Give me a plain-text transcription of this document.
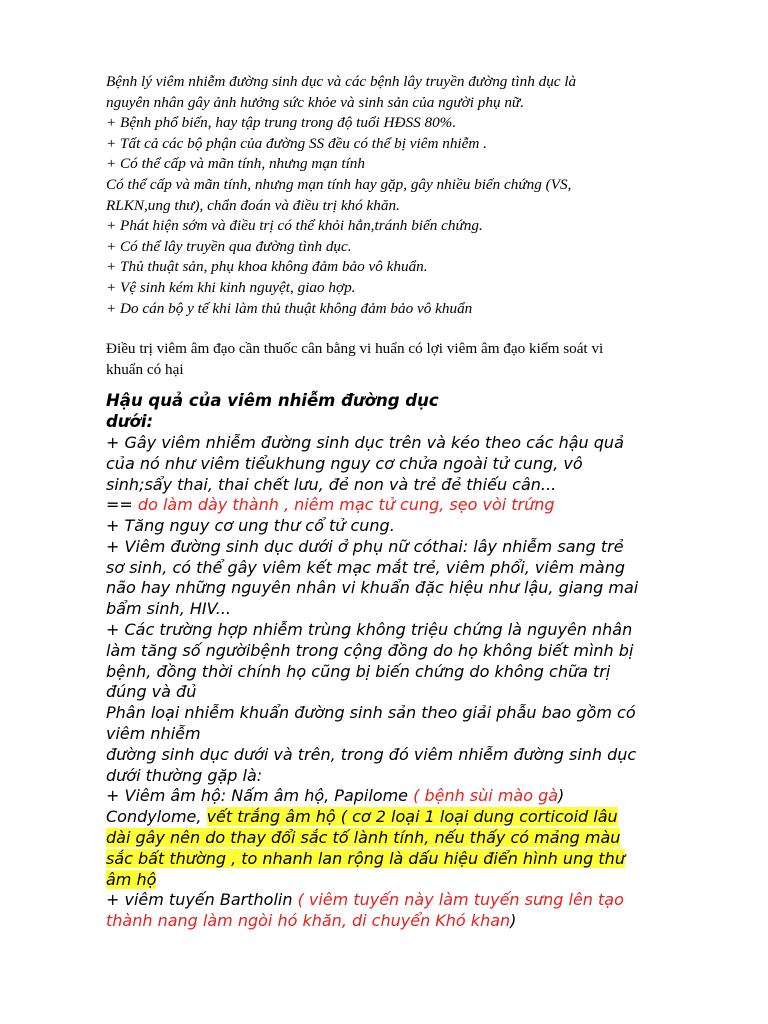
Bệnh lý viêm nhiễm đường sinh dục và các bệnh lây truyền đường tình dục là
nguyên nhân gây ảnh hưởng sức khỏe và sinh sản của người phụ nữ.
+ Bệnh phổ biến, hay tập trung trong độ tuổi HĐSS 80%.
+ Tất cả các bộ phận của đường SS đều có thể bị viêm nhiễm .
+ Có thể cấp và mãn tính, nhưng mạn tính
Có thể cấp và mãn tính, nhưng mạn tính hay gặp, gây nhiều biến chứng (VS,
RLKN,ung thư), chẩn đoán và điều trị khó khăn.
+ Phát hiện sớm và điều trị có thể khỏi hẳn,tránh biến chứng.
+ Có thể lây truyền qua đường tình dục.
+ Thủ thuật sản, phụ khoa không đảm bảo vô khuẩn.
+ Vệ sinh kém khi kinh nguyệt, giao hợp.
+ Do cán bộ y tế khi làm thủ thuật không đảm bảo vô khuẩn
Điều trị viêm âm đạo cần thuốc cân bằng vi huẩn có lợi viêm âm đạo kiểm soát vi
khuẩn có hại
Hậu quả của viêm nhiễm đường dục
dưới:
+ Gây viêm nhiễm đường sinh dục trên và kéo theo các hậu quả
của nó như viêm tiểukhung nguy cơ chửa ngoài tử cung, vô
sinh;sẩy thai, thai chết lưu, đẻ non và trẻ đẻ thiếu cân...
== do làm dày thành , niêm mạc tử cung, sẹo vòi trứng
+ Tăng nguy cơ ung thư cổ tử cung.
+ Viêm đường sinh dục dưới ở phụ nữ cóthai: lây nhiễm sang trẻ
sơ sinh, có thể gây viêm kết mạc mắt trẻ, viêm phổi, viêm màng
não hay những nguyên nhân vi khuẩn đặc hiệu như lậu, giang mai
bẩm sinh, HIV...
+ Các trường hợp nhiễm trùng không triệu chứng là nguyên nhân
làm tăng số ngườibệnh trong cộng đồng do họ không biết mình bị
bệnh, đồng thời chính họ cũng bị biến chứng do không chữa trị
đúng và đủ
Phân loại nhiễm khuẩn đường sinh sản theo giải phẫu bao gồm có
viêm nhiễm
đường sinh dục dưới và trên, trong đó viêm nhiễm đường sinh dục
dưới thường gặp là:
+ Viêm âm hộ: Nấm âm hộ, Papilome ( bệnh sùi mào gà)
Condylome, vết trắng âm hộ ( cơ 2 loại 1 loại dung corticoid lâu
dài gây nên do thay đổi sắc tố lành tính, nếu thấy có mảng màu
sắc bất thường , to nhanh lan rộng là dấu hiệu điển hình ung thư
âm hộ
+ viêm tuyến Bartholin ( viêm tuyến này làm tuyến sưng lên tạo
thành nang làm ngòi hó khăn, di chuyển Khó khan)
